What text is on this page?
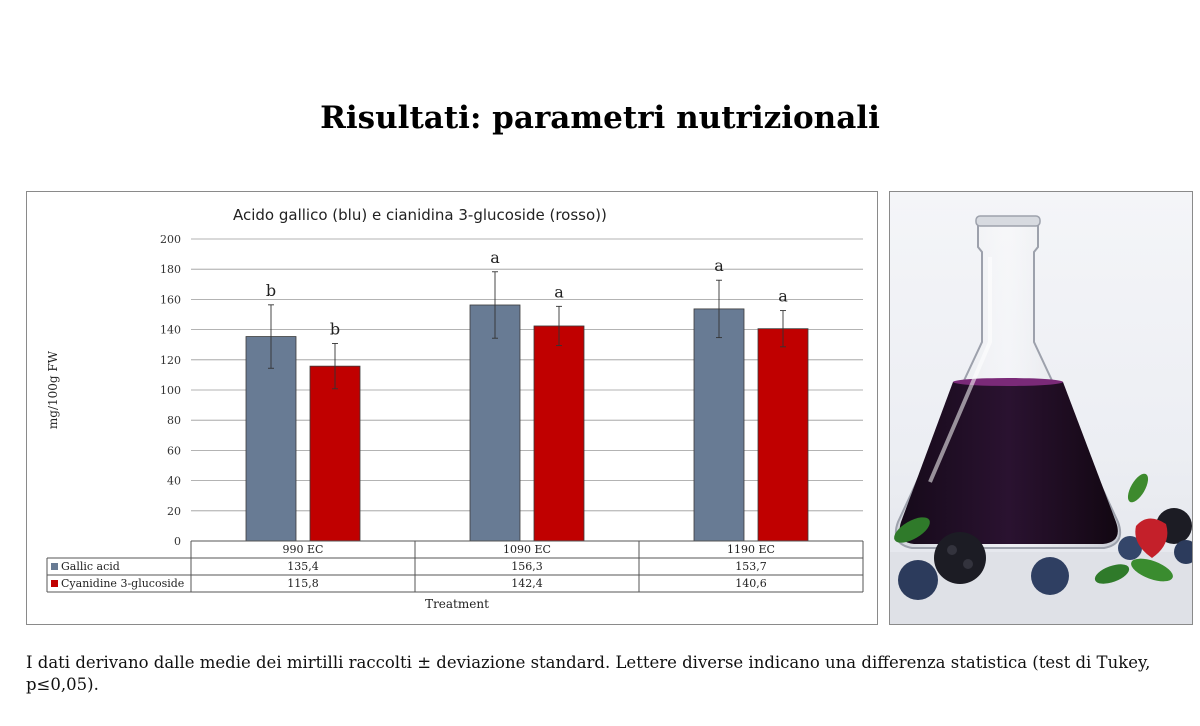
Risultati: parametri nutrizionali
Acido gallico (blu) e cianidina 3-glucoside (rosso))
0
20
40
60
80
100
120
140
160
180
200
mg/100g FW
b
b
a
a
a
a
990 EC	1090 EC	1190 EC
Gallic acid	135,4	156,3	153,7
Cyanidine 3-glucoside	115,8	142,4	140,6
Treatment
I dati derivano dalle medie dei mirtilli raccolti ± deviazione standard. Lettere diverse indicano una differenza statistica (test di Tukey, p≤0,05).
